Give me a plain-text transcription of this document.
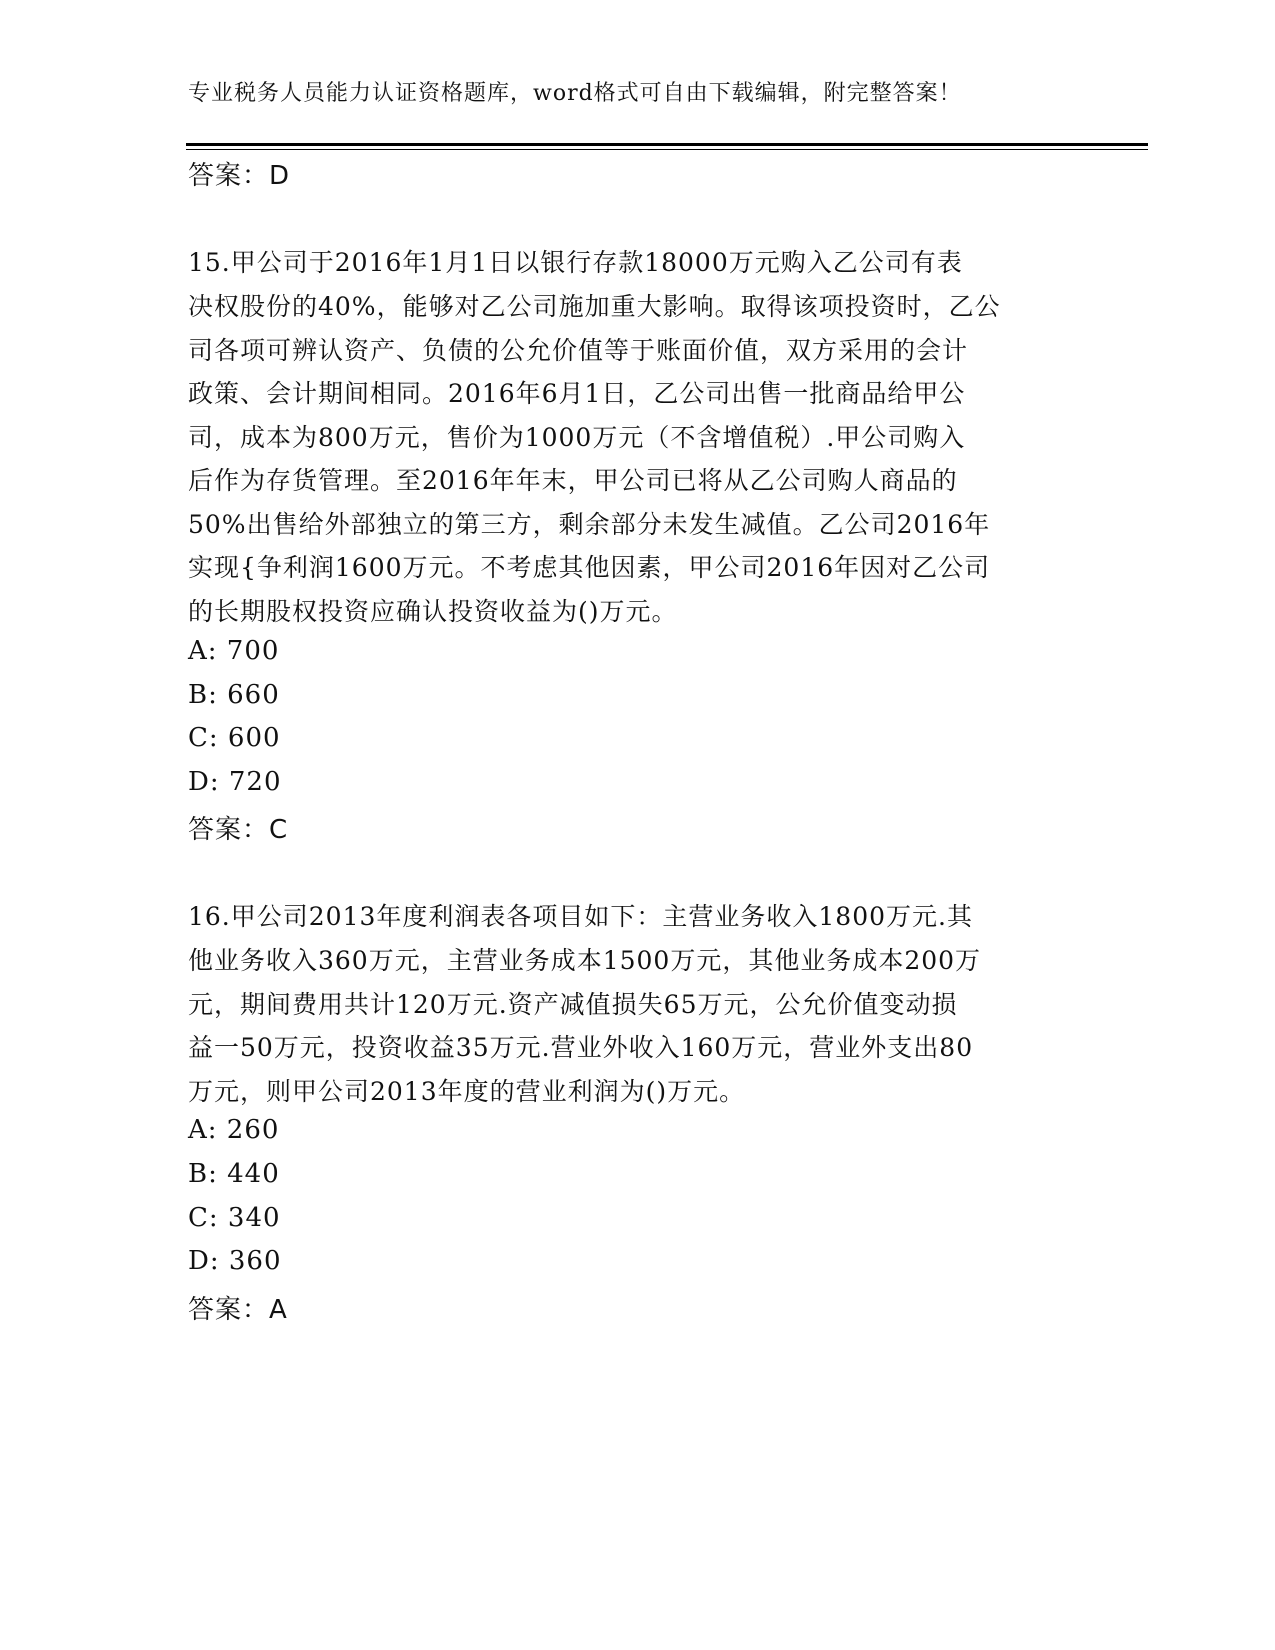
专业税务人员能力认证资格题库，word格式可自由下载编辑，附完整答案！
答案：D
15.甲公司于2016年1月1日以银行存款18000万元购入乙公司有表
决权股份的40%，能够对乙公司施加重大影响。取得该项投资时，乙公
司各项可辨认资产、负债的公允价值等于账面价值，双方采用的会计
政策、会计期间相同。2016年6月1日，乙公司出售一批商品给甲公
司，成本为800万元，售价为1000万元（不含增值税）.甲公司购入
后作为存货管理。至2016年年末，甲公司已将从乙公司购人商品的
50%出售给外部独立的第三方，剩余部分未发生减值。乙公司2016年
实现{争利润1600万元。不考虑其他因素，甲公司2016年因对乙公司
的长期股权投资应确认投资收益为()万元。
A: 700
B: 660
C: 600
D: 720
答案：C
16.甲公司2013年度利润表各项目如下：主营业务收入1800万元.其
他业务收入360万元，主营业务成本1500万元，其他业务成本200万
元，期间费用共计120万元.资产减值损失65万元，公允价值变动损
益一50万元，投资收益35万元.营业外收入160万元，营业外支出80
万元，则甲公司2013年度的营业利润为()万元。
A: 260
B: 440
C: 340
D: 360
答案：A
